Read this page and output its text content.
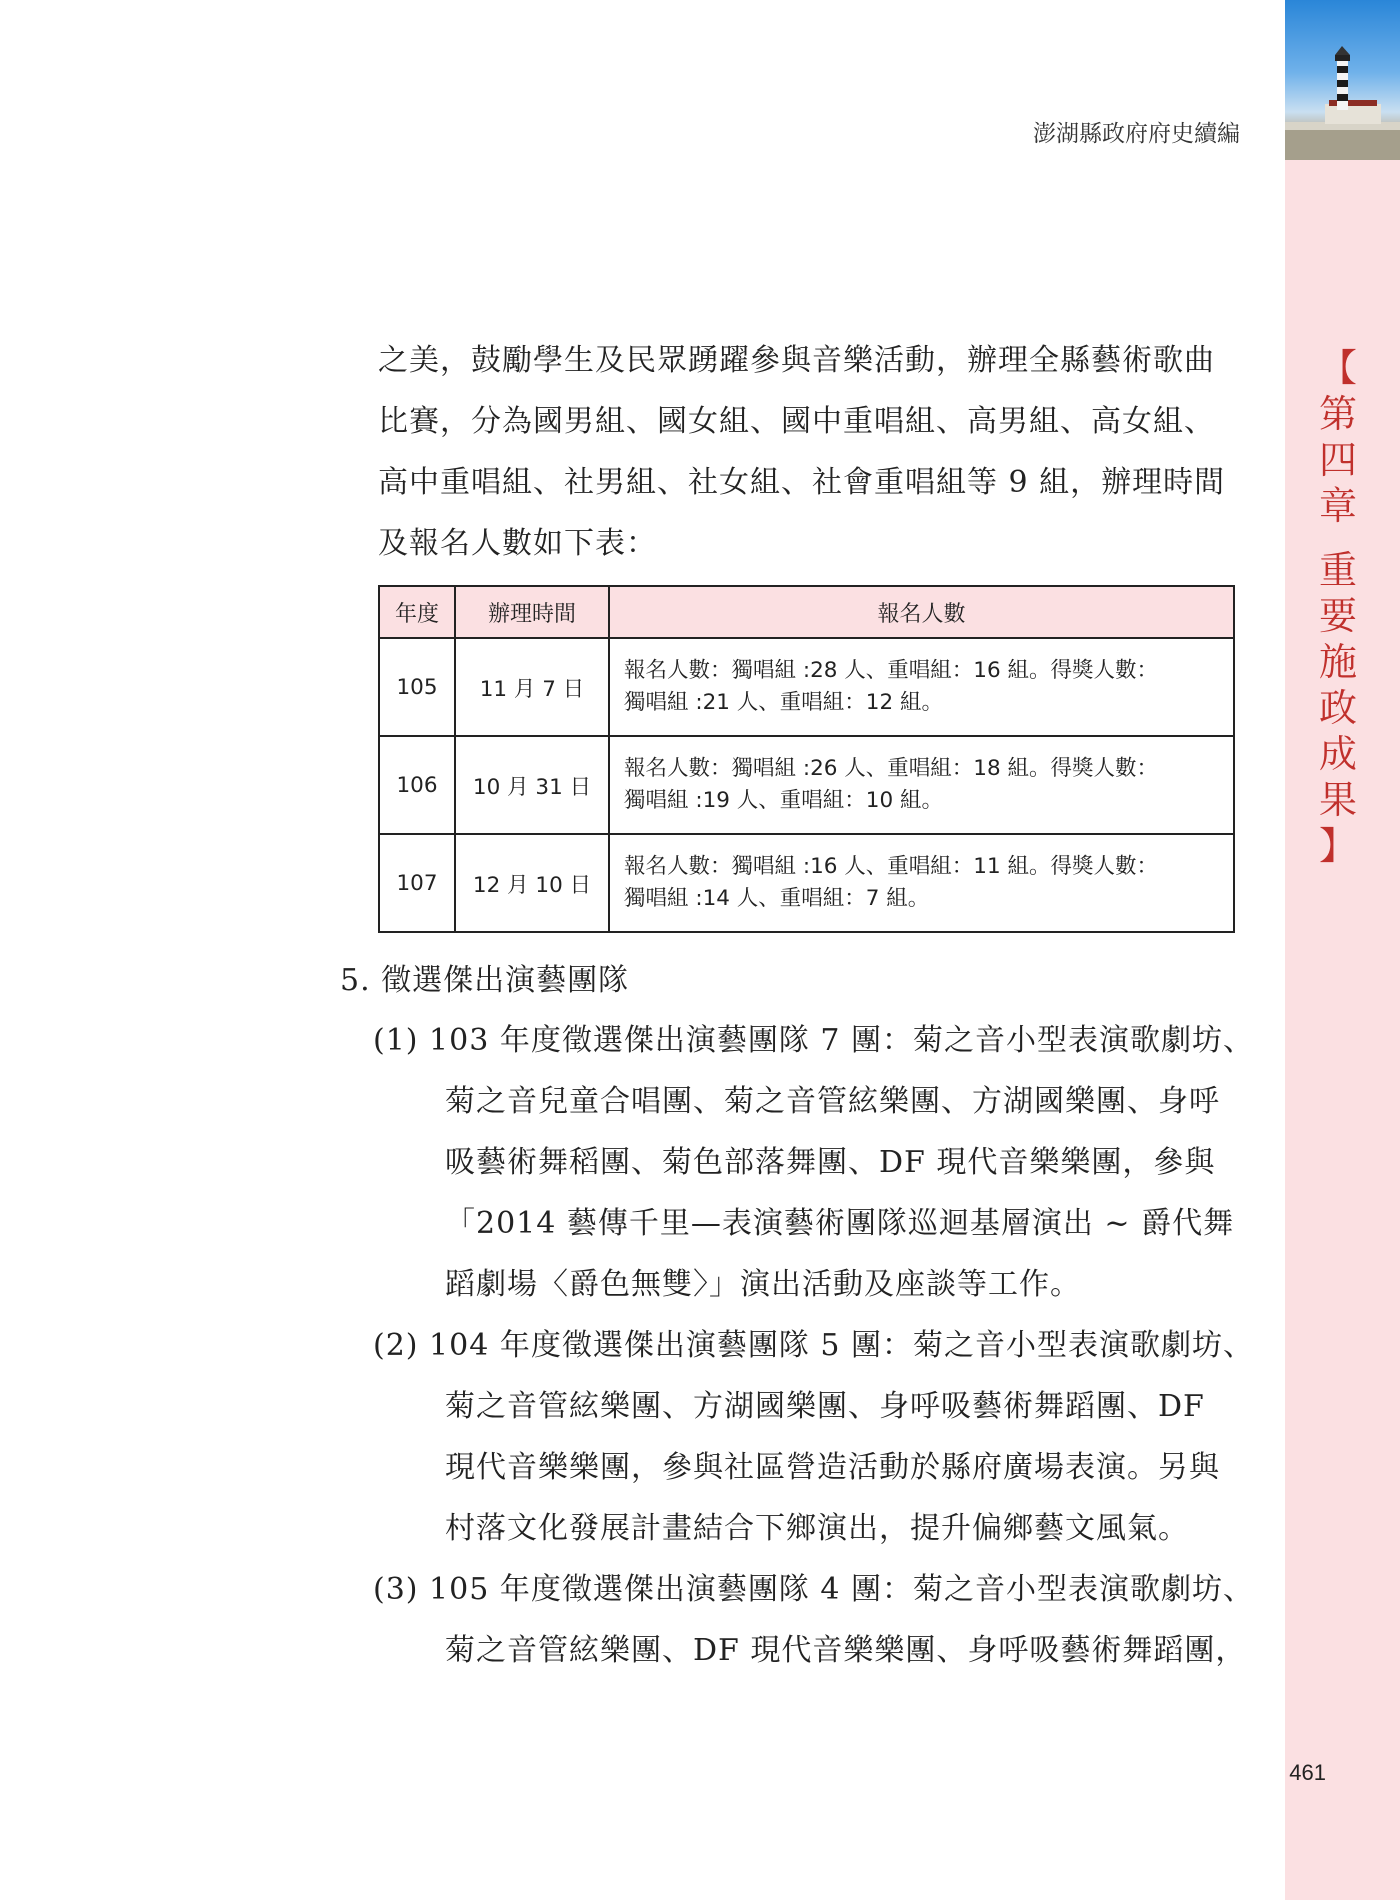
【
第
四
章
重
要
施
政
成
果
】
澎湖縣政府府史續編
之美，鼓勵學生及民眾踴躍參與音樂活動，辦理全縣藝術歌曲
比賽，分為國男組、國女組、國中重唱組、高男組、高女組、
高中重唱組、社男組、社女組、社會重唱組等 9 組，辦理時間
及報名人數如下表：
年度	辦理時間	報名人數
105	11 月 7 日	報名人數：獨唱組 :28 人、重唱組：16 組。得獎人數：
獨唱組 :21 人、重唱組：12 組。

106	10 月 31 日	報名人數：獨唱組 :26 人、重唱組：18 組。得獎人數：
獨唱組 :19 人、重唱組：10 組。

107	12 月 10 日	報名人數：獨唱組 :16 人、重唱組：11 組。得獎人數：
獨唱組 :14 人、重唱組：7 組。
5. 徵選傑出演藝團隊
(1) 103 年度徵選傑出演藝團隊 7 團：菊之音小型表演歌劇坊、
菊之音兒童合唱團、菊之音管絃樂團、方湖國樂團、身呼
吸藝術舞稻團、菊色部落舞團、DF 現代音樂樂團，參與
「2014 藝傳千里—表演藝術團隊巡迴基層演出 ~ 爵代舞
蹈劇場〈爵色無雙〉」演出活動及座談等工作。
(2) 104 年度徵選傑出演藝團隊 5 團：菊之音小型表演歌劇坊、
菊之音管絃樂團、方湖國樂團、身呼吸藝術舞蹈團、DF
現代音樂樂團，參與社區營造活動於縣府廣場表演。另與
村落文化發展計畫結合下鄉演出，提升偏鄉藝文風氣。
(3) 105 年度徵選傑出演藝團隊 4 團：菊之音小型表演歌劇坊、
菊之音管絃樂團、DF 現代音樂樂團、身呼吸藝術舞蹈團，
461
